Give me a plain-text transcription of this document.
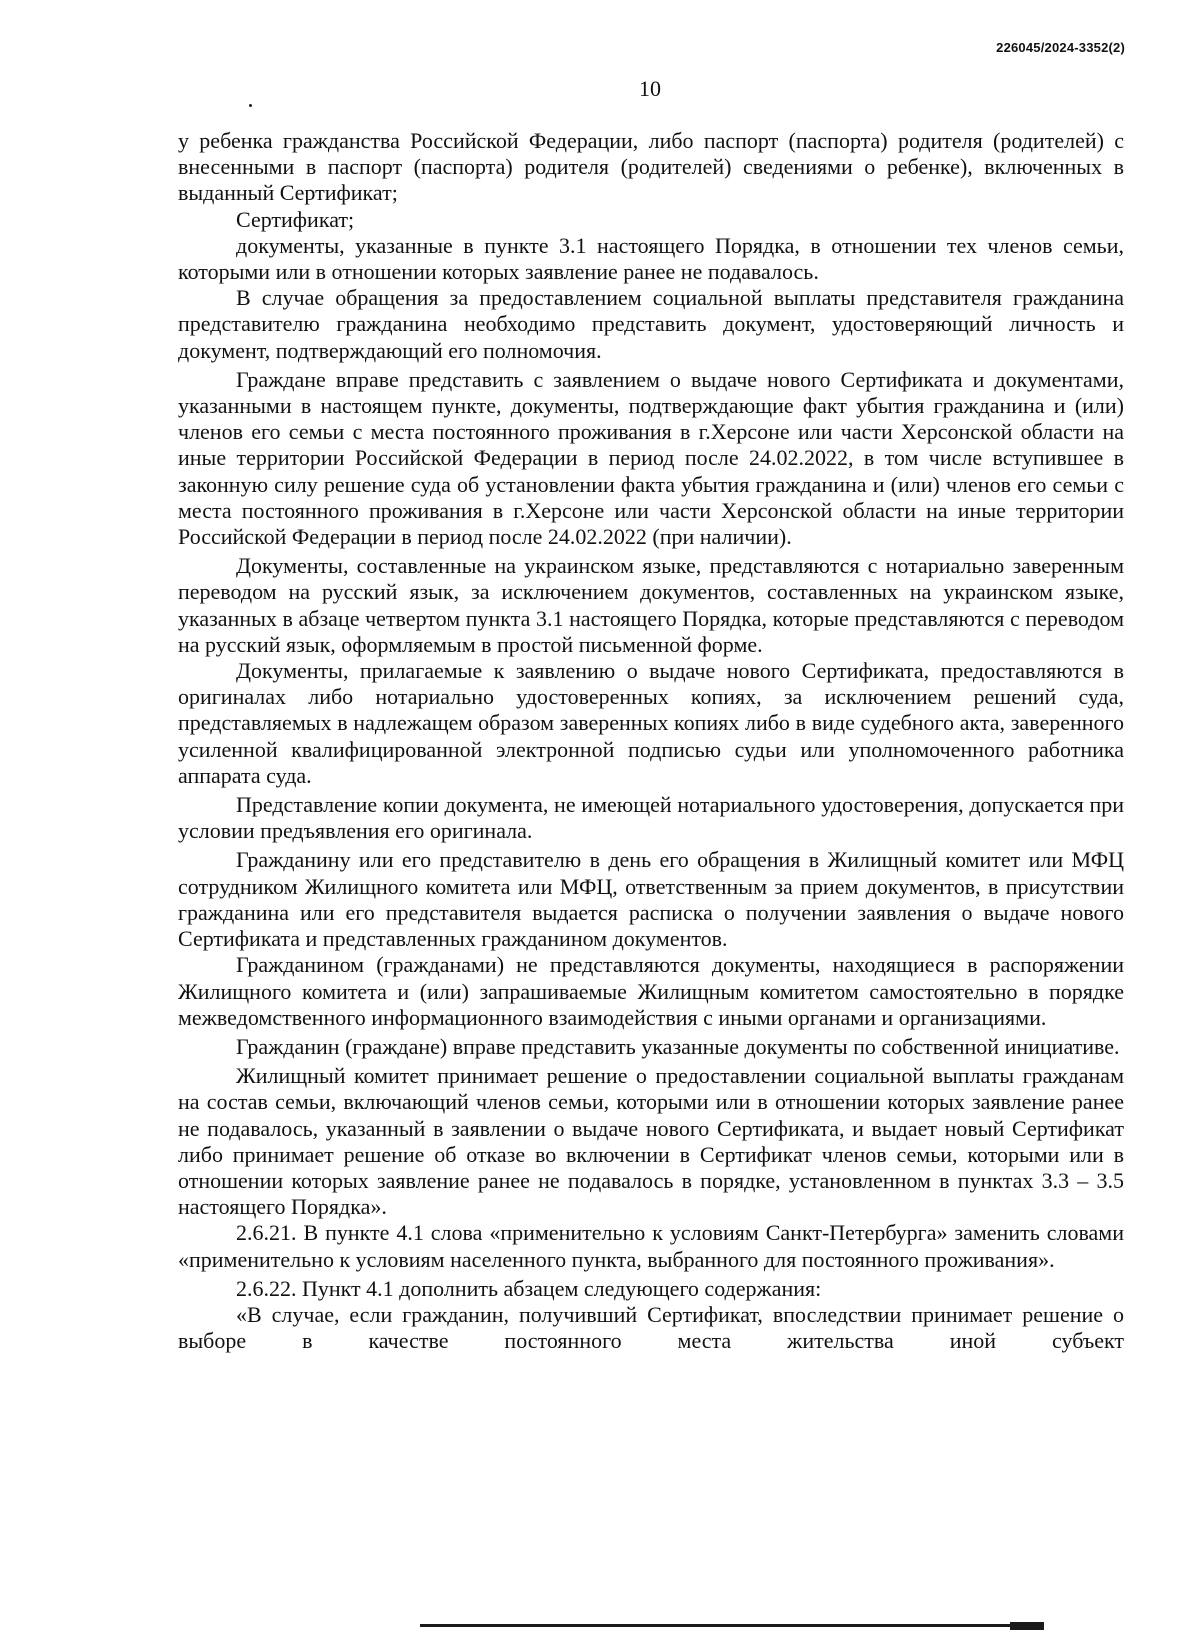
226045/2024-3352(2)
10

у ребенка гражданства Российской Федерации, либо паспорт (паспорта) родителя (родителей) с внесенными в паспорт (паспорта) родителя (родителей) сведениями о ребенке), включенных в выданный Сертификат;

Сертификат;

документы, указанные в пункте 3.1 настоящего Порядка, в отношении тех членов семьи, которыми или в отношении которых заявление ранее не подавалось.

В случае обращения за предоставлением социальной выплаты представителя гражданина представителю гражданина необходимо представить документ, удостоверяющий личность и документ, подтверждающий его полномочия.

Граждане вправе представить с заявлением о выдаче нового Сертификата и документами, указанными в настоящем пункте, документы, подтверждающие факт убытия гражданина и (или) членов его семьи с места постоянного проживания в г.Херсоне или части Херсонской области на иные территории Российской Федерации в период после 24.02.2022, в том числе вступившее в законную силу решение суда об установлении факта убытия гражданина и (или) членов его семьи с места постоянного проживания в г.Херсоне или части Херсонской области на иные территории Российской Федерации в период после 24.02.2022 (при наличии).

Документы, составленные на украинском языке, представляются с нотариально заверенным переводом на русский язык, за исключением документов, составленных на украинском языке, указанных в абзаце четвертом пункта 3.1 настоящего Порядка, которые представляются с переводом на русский язык, оформляемым в простой письменной форме.

Документы, прилагаемые к заявлению о выдаче нового Сертификата, предоставляются в оригиналах либо нотариально удостоверенных копиях, за исключением решений суда, представляемых в надлежащем образом заверенных копиях либо в виде судебного акта, заверенного усиленной квалифицированной электронной подписью судьи или уполномоченного работника аппарата суда.

Представление копии документа, не имеющей нотариального удостоверения, допускается при условии предъявления его оригинала.

Гражданину или его представителю в день его обращения в Жилищный комитет или МФЦ сотрудником Жилищного комитета или МФЦ, ответственным за прием документов, в присутствии гражданина или его представителя выдается расписка о получении заявления о выдаче нового Сертификата и представленных гражданином документов.

Гражданином (гражданами) не представляются документы, находящиеся в распоряжении Жилищного комитета и (или) запрашиваемые Жилищным комитетом самостоятельно в порядке межведомственного информационного взаимодействия с иными органами и организациями.

Гражданин (граждане) вправе представить указанные документы по собственной инициативе.

Жилищный комитет принимает решение о предоставлении социальной выплаты гражданам на состав семьи, включающий членов семьи, которыми или в отношении которых заявление ранее не подавалось, указанный в заявлении о выдаче нового Сертификата, и выдает новый Сертификат либо принимает решение об отказе во включении в Сертификат членов семьи, которыми или в отношении которых заявление ранее не подавалось в порядке, установленном в пунктах 3.3 – 3.5 настоящего Порядка».

2.6.21. В пункте 4.1 слова «применительно к условиям Санкт-Петербурга» заменить словами «применительно к условиям населенного пункта, выбранного для постоянного проживания».

2.6.22. Пункт 4.1 дополнить абзацем следующего содержания:

«В случае, если гражданин, получивший Сертификат, впоследствии принимает решение о выборе в качестве постоянного места жительства иной субъект
